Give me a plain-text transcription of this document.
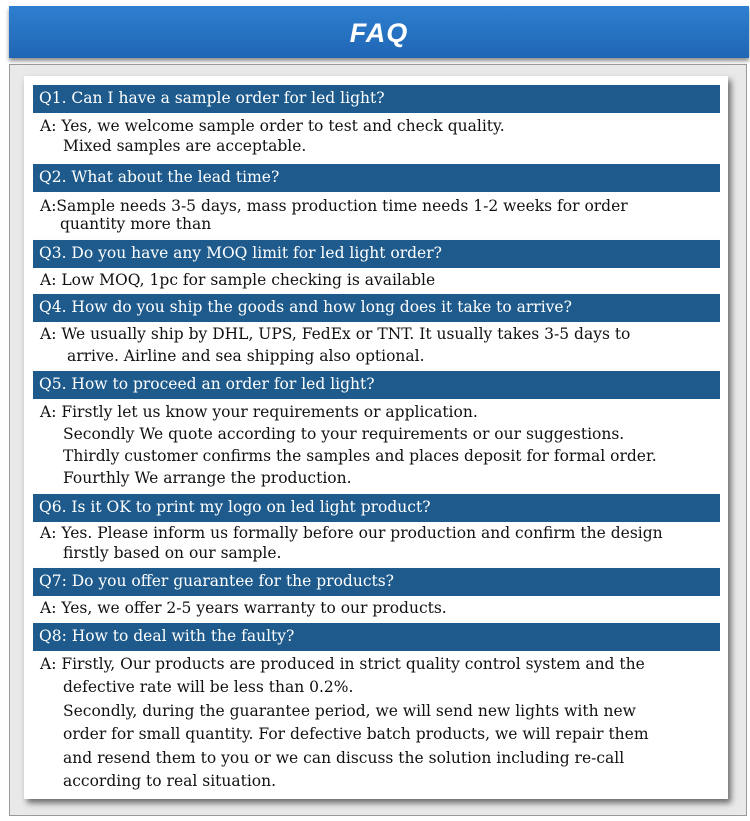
FAQ
Q1. Can I have a sample order for led light?
A: Yes, we welcome sample order to test and check quality.
Mixed samples are acceptable.
Q2. What about the lead time?
A:Sample needs 3-5 days, mass production time needs 1-2 weeks for order
quantity more than
Q3. Do you have any MOQ limit for led light order?
A: Low MOQ, 1pc for sample checking is available
Q4. How do you ship the goods and how long does it take to arrive?
A: We usually ship by DHL, UPS, FedEx or TNT. It usually takes 3-5 days to
arrive. Airline and sea shipping also optional.
Q5. How to proceed an order for led light?
A: Firstly let us know your requirements or application.
Secondly We quote according to your requirements or our suggestions.
Thirdly customer confirms the samples and places deposit for formal order.
Fourthly We arrange the production.
Q6. Is it OK to print my logo on led light product?
A: Yes. Please inform us formally before our production and confirm the design
firstly based on our sample.
Q7: Do you offer guarantee for the products?
A: Yes, we offer 2-5 years warranty to our products.
Q8: How to deal with the faulty?
A: Firstly, Our products are produced in strict quality control system and the
defective rate will be less than 0.2%.
Secondly, during the guarantee period, we will send new lights with new
order for small quantity. For defective batch products, we will repair them
and resend them to you or we can discuss the solution including re-call
according to real situation.
